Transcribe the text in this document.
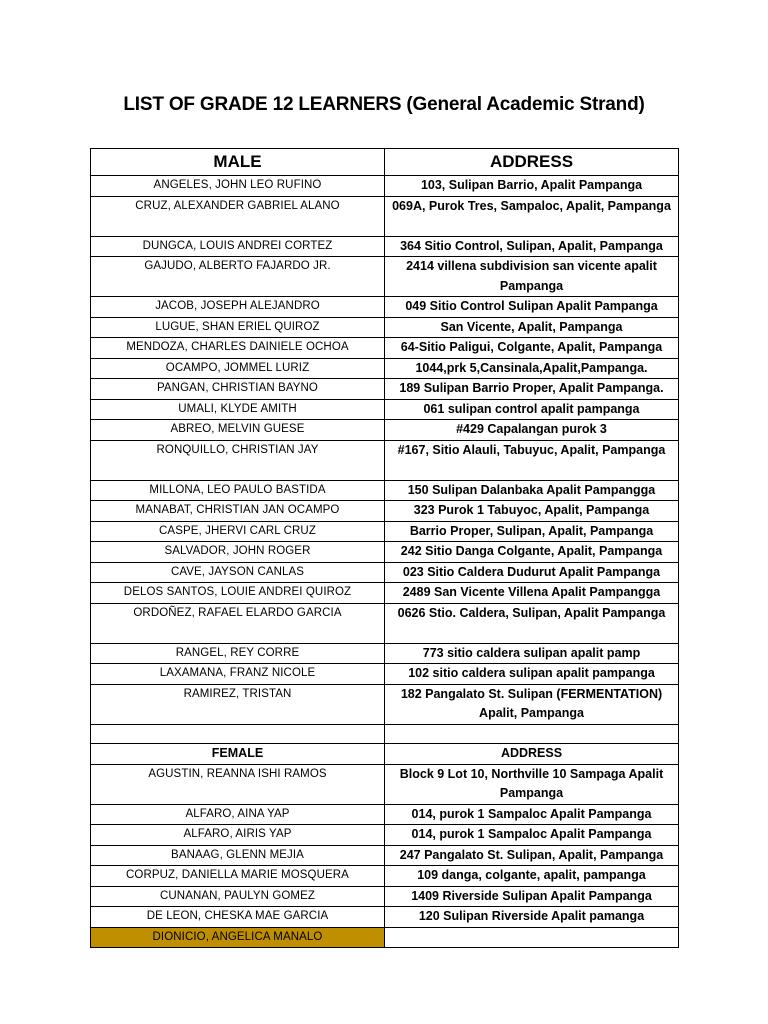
LIST OF GRADE 12 LEARNERS (General Academic Strand)
MALE	ADDRESS
ANGELES, JOHN LEO RUFINO	103, Sulipan Barrio, Apalit Pampanga
CRUZ, ALEXANDER GABRIEL ALANO	069A, Purok Tres, Sampaloc, Apalit, Pampanga
DUNGCA, LOUIS ANDREI CORTEZ	364 Sitio Control, Sulipan, Apalit, Pampanga
GAJUDO, ALBERTO FAJARDO JR.	2414 villena subdivision san vicente apalit Pampanga
JACOB, JOSEPH ALEJANDRO	049 Sitio Control Sulipan Apalit Pampanga
LUGUE, SHAN ERIEL QUIROZ	San Vicente, Apalit, Pampanga
MENDOZA, CHARLES DAINIELE OCHOA	64-Sitio Paligui, Colgante, Apalit, Pampanga
OCAMPO, JOMMEL LURIZ	1044,prk 5,Cansinala,Apalit,Pampanga.
PANGAN, CHRISTIAN BAYNO	189 Sulipan Barrio Proper, Apalit Pampanga.
UMALI, KLYDE AMITH	061 sulipan control apalit pampanga
ABREO, MELVIN GUESE	#429 Capalangan purok 3
RONQUILLO, CHRISTIAN JAY	#167, Sitio Alauli, Tabuyuc, Apalit, Pampanga
MILLONA, LEO PAULO BASTIDA	150 Sulipan Dalanbaka Apalit Pampangga
MANABAT, CHRISTIAN JAN OCAMPO	323 Purok 1 Tabuyoc, Apalit, Pampanga
CASPE, JHERVI CARL CRUZ	Barrio Proper, Sulipan, Apalit, Pampanga
SALVADOR, JOHN ROGER	242 Sitio Danga Colgante, Apalit, Pampanga
CAVE, JAYSON CANLAS	023 Sitio Caldera Dudurut Apalit Pampanga
DELOS SANTOS, LOUIE ANDREI QUIROZ	2489 San Vicente Villena Apalit Pampangga
ORDOÑEZ, RAFAEL ELARDO GARCIA	0626 Stio. Caldera, Sulipan, Apalit Pampanga
RANGEL, REY CORRE	773 sitio caldera sulipan apalit pamp
LAXAMANA, FRANZ NICOLE	102 sitio caldera sulipan apalit pampanga
RAMIREZ, TRISTAN	182 Pangalato St. Sulipan (FERMENTATION) Apalit, Pampanga

FEMALE	ADDRESS
AGUSTIN, REANNA ISHI RAMOS	Block 9 Lot 10, Northville 10 Sampaga Apalit Pampanga
ALFARO, AINA YAP	014, purok 1 Sampaloc Apalit Pampanga
ALFARO, AIRIS YAP	014, purok 1 Sampaloc Apalit Pampanga
BANAAG, GLENN MEJIA	247 Pangalato St. Sulipan, Apalit, Pampanga
CORPUZ, DANIELLA MARIE MOSQUERA	109 danga, colgante, apalit, pampanga
CUNANAN, PAULYN GOMEZ	1409 Riverside Sulipan Apalit Pampanga
DE LEON, CHESKA MAE GARCIA	120 Sulipan Riverside Apalit pamanga
DIONICIO, ANGELICA MANALO	
